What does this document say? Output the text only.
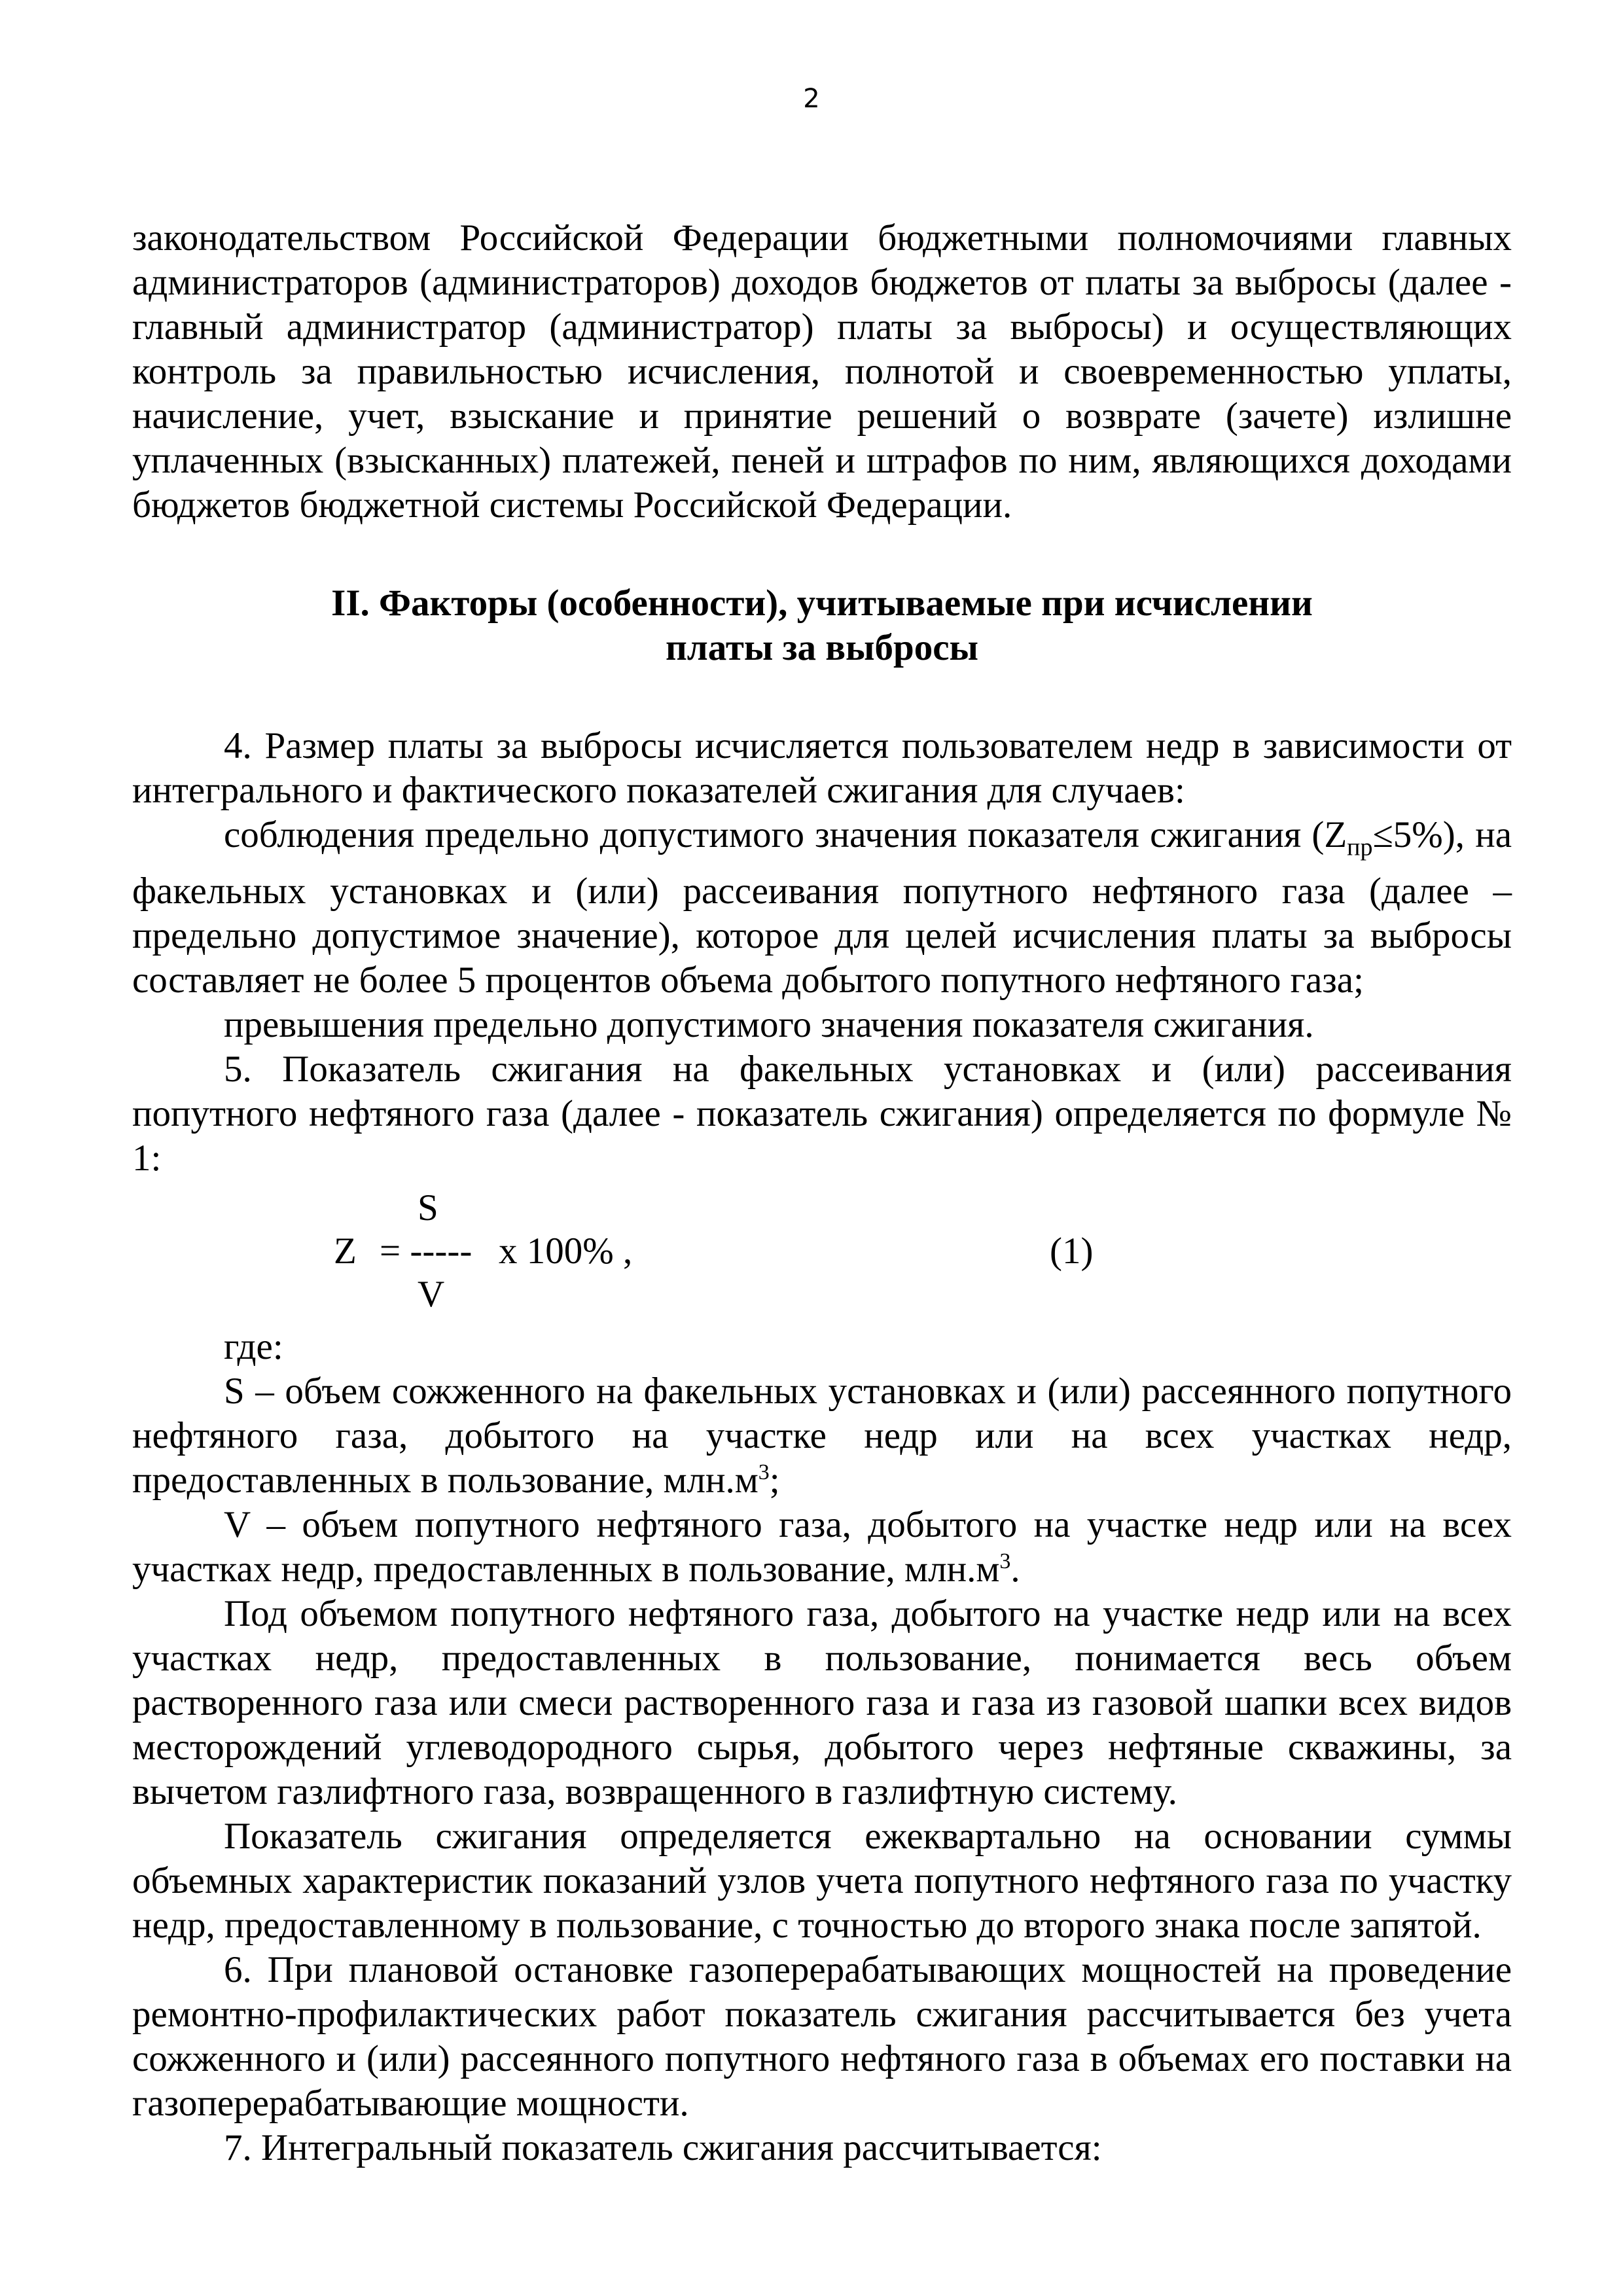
2

законодательством Российской Федерации бюджетными полномочиями главных администраторов (администраторов) доходов бюджетов от платы за выбросы (далее - главный администратор (администратор) платы за выбросы) и осуществляющих контроль за правильностью исчисления, полнотой и своевременностью уплаты, начисление, учет, взыскание и принятие решений о возврате (зачете) излишне уплаченных (взысканных) платежей, пеней и штрафов по ним, являющихся доходами бюджетов бюджетной системы Российской Федерации.

II. Факторы (особенности), учитываемые при исчислении
платы за выбросы

4. Размер платы за выбросы исчисляется пользователем недр в зависимости от интегрального и фактического показателей сжигания для случаев:

соблюдения предельно допустимого значения показателя сжигания $(Z_{пр}\le 5\%)$, на факельных установках и (или) рассеивания попутного нефтяного газа (далее – предельно допустимое значение), которое для целей исчисления платы за выбросы составляет не более 5 процентов объема добытого попутного нефтяного газа;

превышения предельно допустимого значения показателя сжигания.

5. Показатель сжигания на факельных установках и (или) рассеивания попутного нефтяного газа (далее - показатель сжигания) определяется по формуле № 1:

S
Z = ----- x 100% ,	(1)
V

где:

S – объем сожженного на факельных установках и (или) рассеянного попутного нефтяного газа, добытого на участке недр или на всех участках недр, предоставленных в пользование, $млн.м^3$;

V – объем попутного нефтяного газа, добытого на участке недр или на всех участках недр, предоставленных в пользование, $млн.м^3$.

Под объемом попутного нефтяного газа, добытого на участке недр или на всех участках недр, предоставленных в пользование, понимается весь объем растворенного газа или смеси растворенного газа и газа из газовой шапки всех видов месторождений углеводородного сырья, добытого через нефтяные скважины, за вычетом газлифтного газа, возвращенного в газлифтную систему.

Показатель сжигания определяется ежеквартально на основании суммы объемных характеристик показаний узлов учета попутного нефтяного газа по участку недр, предоставленному в пользование, с точностью до второго знака после запятой.

6. При плановой остановке газоперерабатывающих мощностей на проведение ремонтно-профилактических работ показатель сжигания рассчитывается без учета сожженного и (или) рассеянного попутного нефтяного газа в объемах его поставки на газоперерабатывающие мощности.

7. Интегральный показатель сжигания рассчитывается:
